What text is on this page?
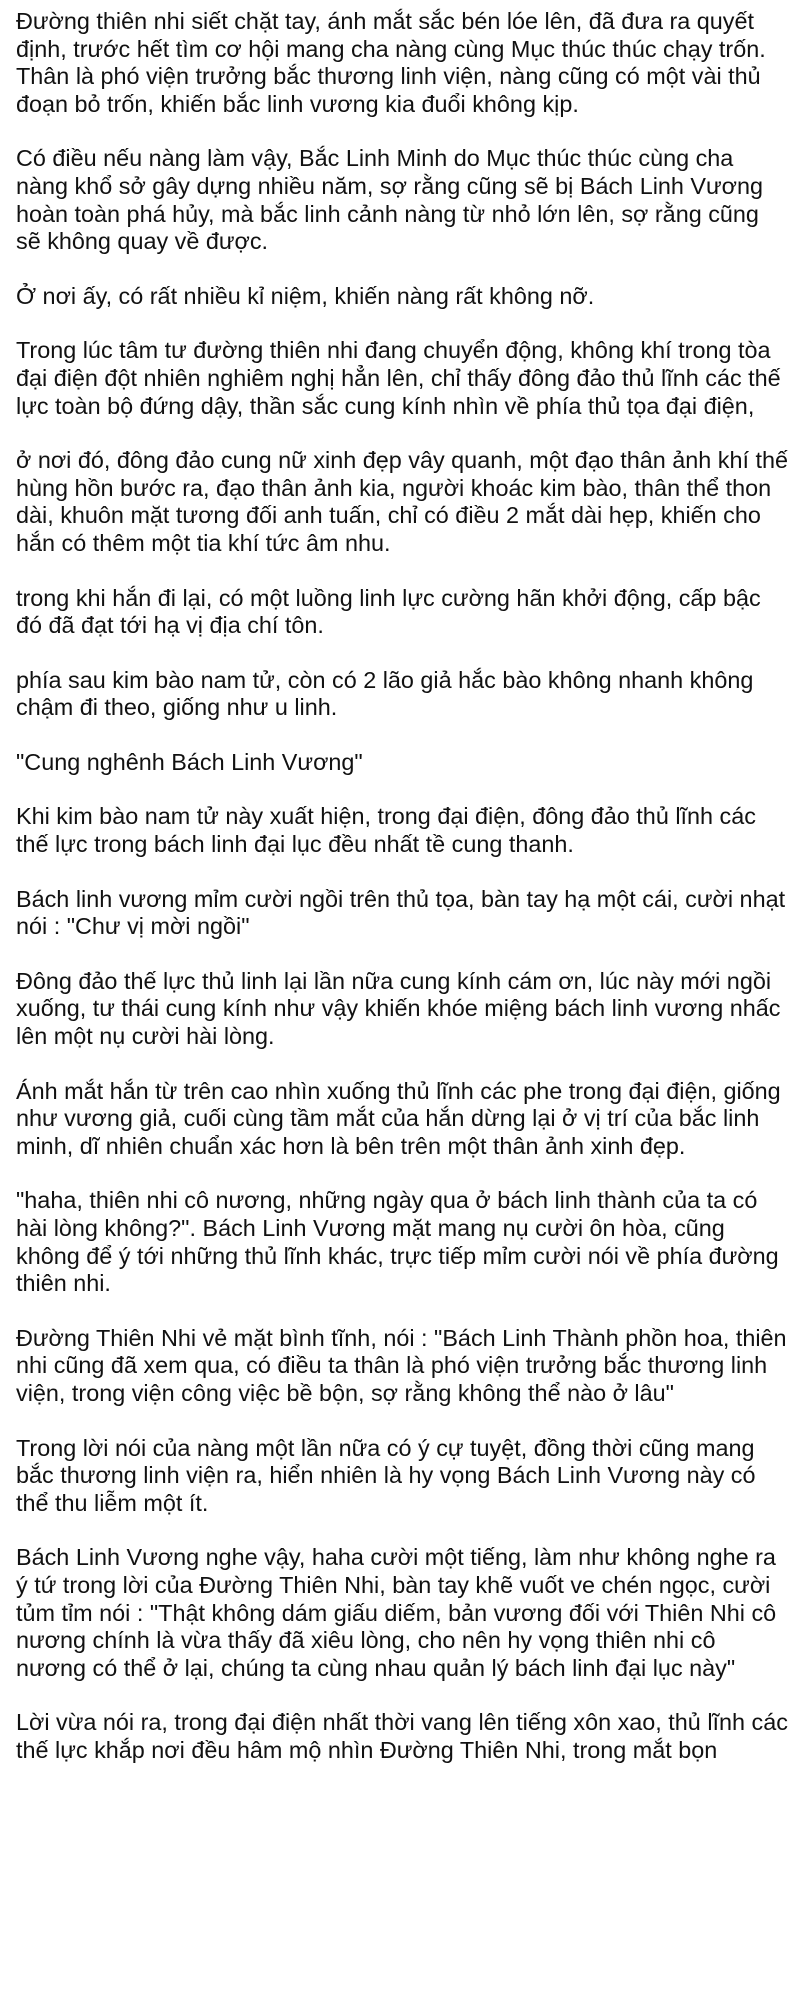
Đường thiên nhi siết chặt tay, ánh mắt sắc bén lóe lên, đã đưa ra quyết định, trước hết tìm cơ hội mang cha nàng cùng Mục thúc thúc chạy trốn. Thân là phó viện trưởng bắc thương linh viện, nàng cũng có một vài thủ đoạn bỏ trốn, khiến bắc linh vương kia đuổi không kịp.

Có điều nếu nàng làm vậy, Bắc Linh Minh do Mục thúc thúc cùng cha nàng khổ sở gây dựng nhiều năm, sợ rằng cũng sẽ bị Bách Linh Vương hoàn toàn phá hủy, mà bắc linh cảnh nàng từ nhỏ lớn lên, sợ rằng cũng sẽ không quay về được.

Ở nơi ấy, có rất nhiều kỉ niệm, khiến nàng rất không nỡ.

Trong lúc tâm tư đường thiên nhi đang chuyển động, không khí trong tòa đại điện đột nhiên nghiêm nghị hẳn lên, chỉ thấy đông đảo thủ lĩnh các thế lực toàn bộ đứng dậy, thần sắc cung kính nhìn về phía thủ tọa đại điện,

ở nơi đó, đông đảo cung nữ xinh đẹp vây quanh, một đạo thân ảnh khí thế hùng hồn bước ra, đạo thân ảnh kia, người khoác kim bào, thân thể thon dài, khuôn mặt tương đối anh tuấn, chỉ có điều 2 mắt dài hẹp, khiến cho hắn có thêm một tia khí tức âm nhu.

trong khi hắn đi lại, có một luồng linh lực cường hãn khởi động, cấp bậc đó đã đạt tới hạ vị địa chí tôn.

phía sau kim bào nam tử, còn có 2 lão giả hắc bào không nhanh không chậm đi theo, giống như u linh.

"Cung nghênh Bách Linh Vương"

Khi kim bào nam tử này xuất hiện, trong đại điện, đông đảo thủ lĩnh các thế lực trong bách linh đại lục đều nhất tề cung thanh.

Bách linh vương mỉm cười ngồi trên thủ tọa, bàn tay hạ một cái, cười nhạt nói : "Chư vị mời ngồi"

Đông đảo thế lực thủ linh lại lần nữa cung kính cám ơn, lúc này mới ngồi xuống, tư thái cung kính như vậy khiến khóe miệng bách linh vương nhấc lên một nụ cười hài lòng.

Ánh mắt hắn từ trên cao nhìn xuống thủ lĩnh các phe trong đại điện, giống như vương giả, cuối cùng tầm mắt của hắn dừng lại ở vị trí của bắc linh minh, dĩ nhiên chuẩn xác hơn là bên trên một thân ảnh xinh đẹp.

"haha, thiên nhi cô nương, những ngày qua ở bách linh thành của ta có hài lòng không?". Bách Linh Vương mặt mang nụ cười ôn hòa, cũng không để ý tới những thủ lĩnh khác, trực tiếp mỉm cười nói về phía đường thiên nhi.

Đường Thiên Nhi vẻ mặt bình tĩnh, nói : "Bách Linh Thành phồn hoa, thiên nhi cũng đã xem qua, có điều ta thân là phó viện trưởng bắc thương linh viện, trong viện công việc bề bộn, sợ rằng không thể nào ở lâu"

Trong lời nói của nàng một lần nữa có ý cự tuyệt, đồng thời cũng mang bắc thương linh viện ra, hiển nhiên là hy vọng Bách Linh Vương này có thể thu liễm một ít.

Bách Linh Vương nghe vậy, haha cười một tiếng, làm như không nghe ra ý tứ trong lời của Đường Thiên Nhi, bàn tay khẽ vuốt ve chén ngọc, cười tủm tỉm nói : "Thật không dám giấu diếm, bản vương đối với Thiên Nhi cô nương chính là vừa thấy đã xiêu lòng, cho nên hy vọng thiên nhi cô nương có thể ở lại, chúng ta cùng nhau quản lý bách linh đại lục này"

Lời vừa nói ra, trong đại điện nhất thời vang lên tiếng xôn xao, thủ lĩnh các thế lực khắp nơi đều hâm mộ nhìn Đường Thiên Nhi, trong mắt bọn
